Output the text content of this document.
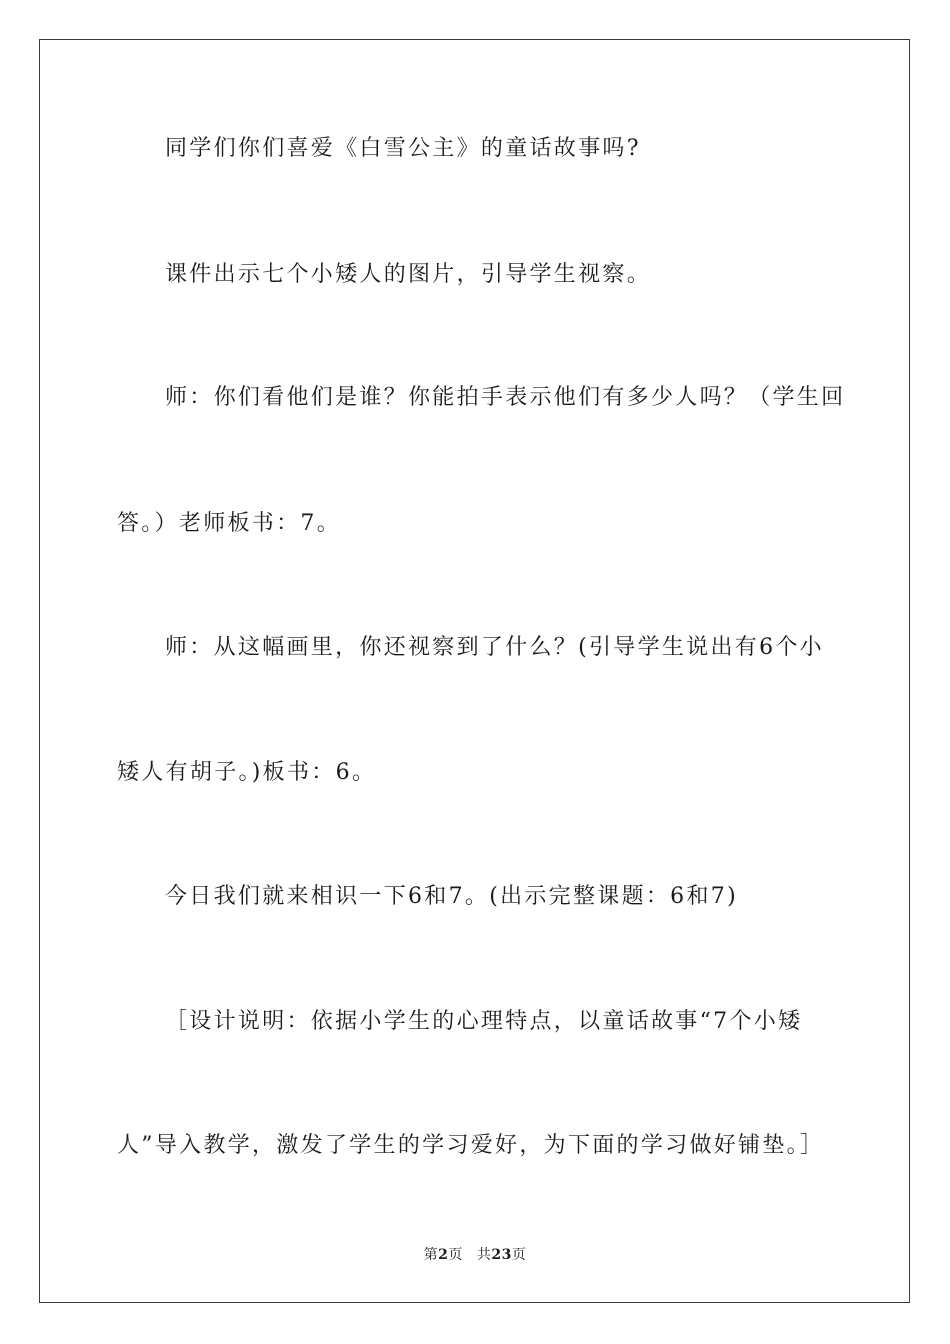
同学们你们喜爱《白雪公主》的童话故事吗?
课件出示七个小矮人的图片，引导学生视察。
师：你们看他们是谁？你能拍手表示他们有多少人吗？（学生回
答。）老师板书：7。
师：从这幅画里，你还视察到了什么？(引导学生说出有6个小
矮人有胡子。)板书：6。
今日我们就来相识一下6和7。(出示完整课题：6和7)
［设计说明：依据小学生的心理特点，以童话故事“7个小矮
人”导入教学，激发了学生的学习爱好，为下面的学习做好铺垫。］
第2页 共23页
